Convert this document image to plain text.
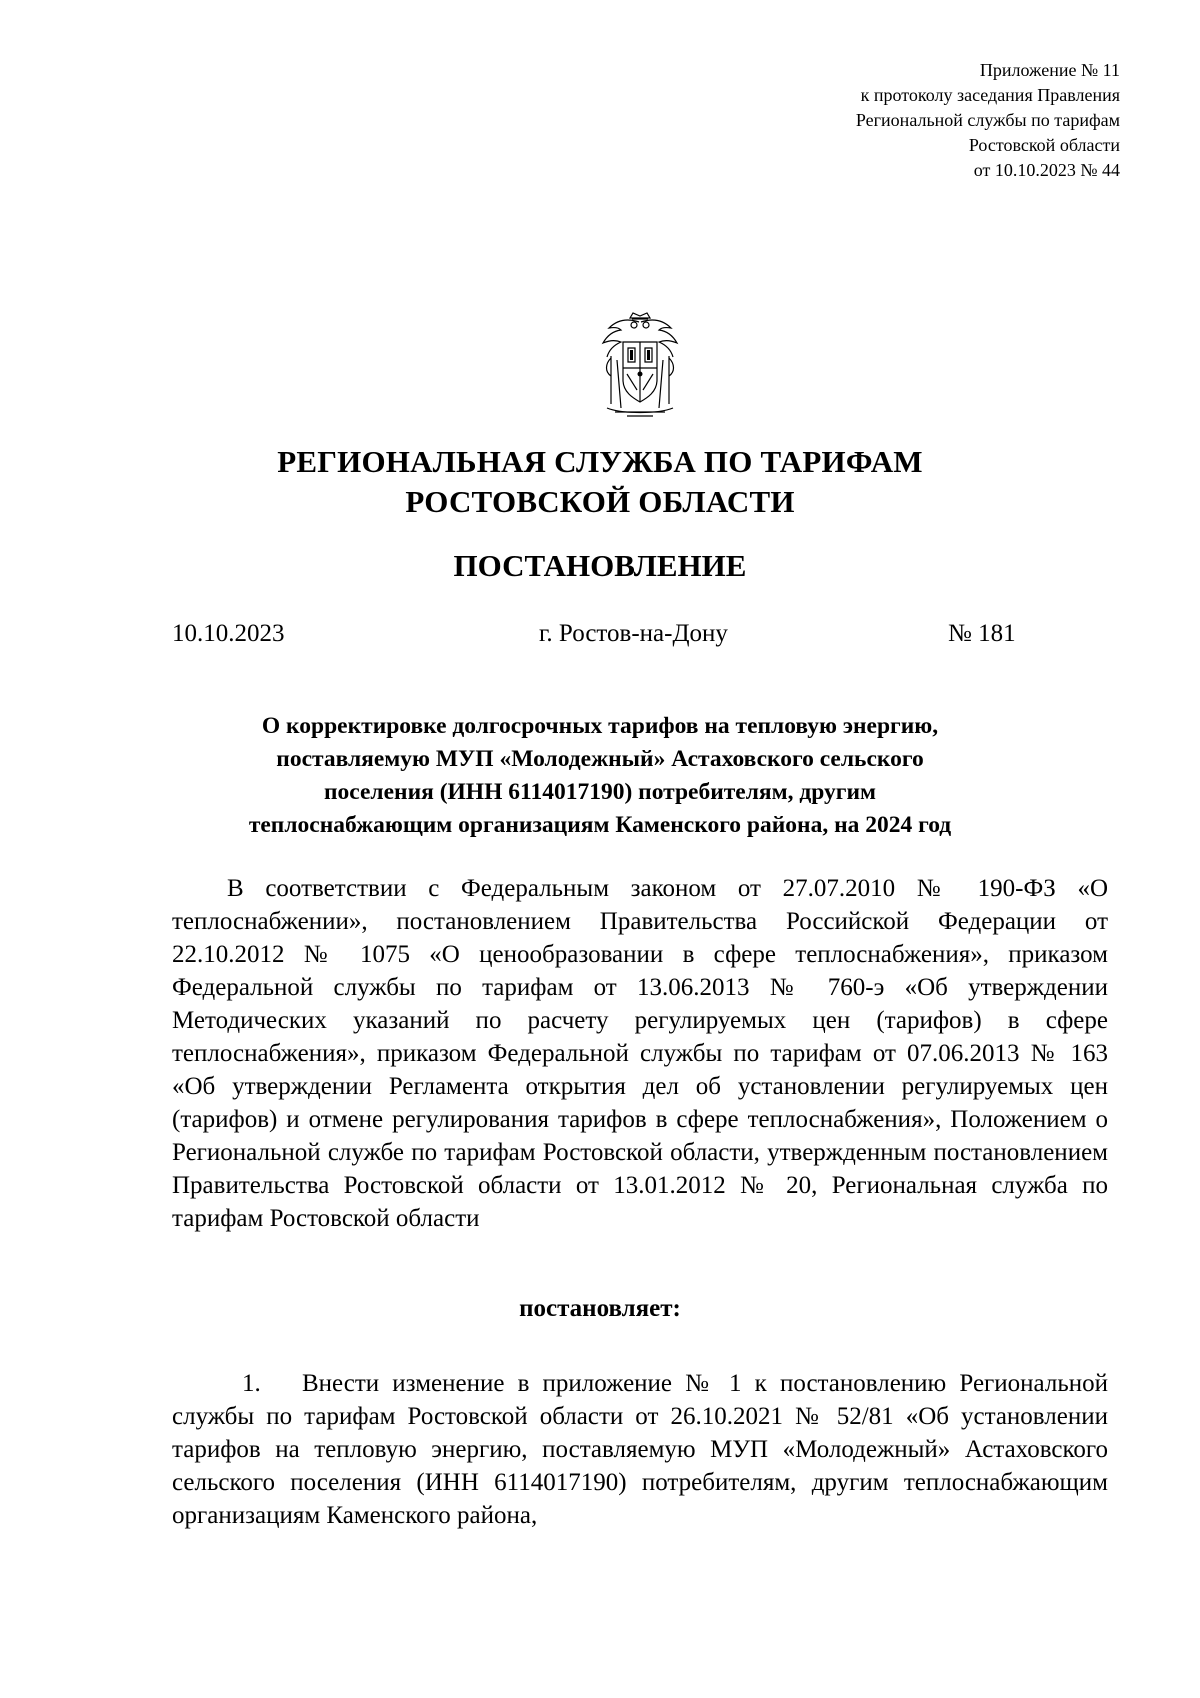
Приложение № 11
к протоколу заседания Правления
Региональной службы по тарифам
Ростовской области
от 10.10.2023 № 44
РЕГИОНАЛЬНАЯ СЛУЖБА ПО ТАРИФАМ
РОСТОВСКОЙ ОБЛАСТИ
ПОСТАНОВЛЕНИЕ
10.10.2023	г. Ростов-на-Дону	№ 181
О корректировке долгосрочных тарифов на тепловую энергию,
поставляемую МУП «Молодежный» Астаховского сельского
поселения (ИНН 6114017190) потребителям, другим
теплоснабжающим организациям Каменского района, на 2024 год
В соответствии с Федеральным законом от 27.07.2010 № 190-ФЗ «О теплоснабжении», постановлением Правительства Российской Федерации от 22.10.2012 № 1075 «О ценообразовании в сфере теплоснабжения», приказом Федеральной службы по тарифам от 13.06.2013 № 760-э «Об утверждении Методических указаний по расчету регулируемых цен (тарифов) в сфере теплоснабжения», приказом Федеральной службы по тарифам от 07.06.2013 № 163 «Об утверждении Регламента открытия дел об установлении регулируемых цен (тарифов) и отмене регулирования тарифов в сфере теплоснабжения», Положением о Региональной службе по тарифам Ростовской области, утвержденным постановлением Правительства Ростовской области от 13.01.2012 № 20, Региональная служба по тарифам Ростовской области
постановляет:
1. Внести изменение в приложение № 1 к постановлению Региональной службы по тарифам Ростовской области от 26.10.2021 № 52/81 «Об установлении тарифов на тепловую энергию, поставляемую МУП «Молодежный» Астаховского сельского поселения (ИНН 6114017190) потребителям, другим теплоснабжающим организациям Каменского района,
